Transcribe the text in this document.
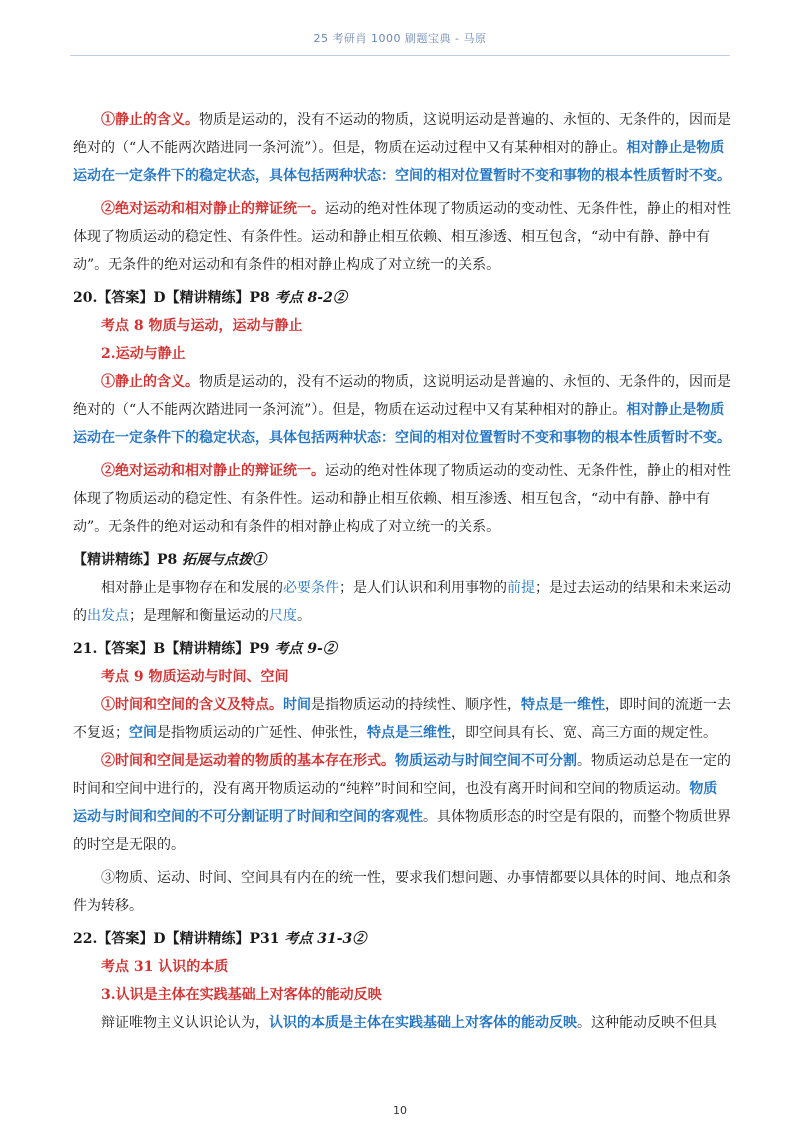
25 考研肖 1000 刷题宝典 - 马原

①静止的含义。物质是运动的，没有不运动的物质，这说明运动是普遍的、永恒的、无条件的，因而是绝对的（“人不能两次踏进同一条河流”）。但是，物质在运动过程中又有某种相对的静止。相对静止是物质运动在一定条件下的稳定状态，具体包括两种状态：空间的相对位置暂时不变和事物的根本性质暂时不变。

②绝对运动和相对静止的辩证统一。运动的绝对性体现了物质运动的变动性、无条件性，静止的相对性体现了物质运动的稳定性、有条件性。运动和静止相互依赖、相互渗透、相互包含，“动中有静、静中有动”。无条件的绝对运动和有条件的相对静止构成了对立统一的关系。

20.【答案】D【精讲精练】P8 考点 8-2②

考点 8 物质与运动，运动与静止

2.运动与静止

①静止的含义。物质是运动的，没有不运动的物质，这说明运动是普遍的、永恒的、无条件的，因而是绝对的（“人不能两次踏进同一条河流”）。但是，物质在运动过程中又有某种相对的静止。相对静止是物质运动在一定条件下的稳定状态，具体包括两种状态：空间的相对位置暂时不变和事物的根本性质暂时不变。

②绝对运动和相对静止的辩证统一。运动的绝对性体现了物质运动的变动性、无条件性，静止的相对性体现了物质运动的稳定性、有条件性。运动和静止相互依赖、相互渗透、相互包含，“动中有静、静中有动”。无条件的绝对运动和有条件的相对静止构成了对立统一的关系。

【精讲精练】P8 拓展与点拨①

相对静止是事物存在和发展的必要条件；是人们认识和利用事物的前提；是过去运动的结果和未来运动的出发点；是理解和衡量运动的尺度。

21.【答案】B【精讲精练】P9 考点 9-②

考点 9 物质运动与时间、空间

①时间和空间的含义及特点。时间是指物质运动的持续性、顺序性，特点是一维性，即时间的流逝一去不复返；空间是指物质运动的广延性、伸张性，特点是三维性，即空间具有长、宽、高三方面的规定性。

②时间和空间是运动着的物质的基本存在形式。物质运动与时间空间不可分割。物质运动总是在一定的时间和空间中进行的，没有离开物质运动的“纯粹”时间和空间，也没有离开时间和空间的物质运动。物质运动与时间和空间的不可分割证明了时间和空间的客观性。具体物质形态的时空是有限的，而整个物质世界的时空是无限的。

③物质、运动、时间、空间具有内在的统一性，要求我们想问题、办事情都要以具体的时间、地点和条件为转移。

22.【答案】D【精讲精练】P31 考点 31-3②

考点 31 认识的本质

3.认识是主体在实践基础上对客体的能动反映

辩证唯物主义认识论认为，认识的本质是主体在实践基础上对客体的能动反映。这种能动反映不但具

10
